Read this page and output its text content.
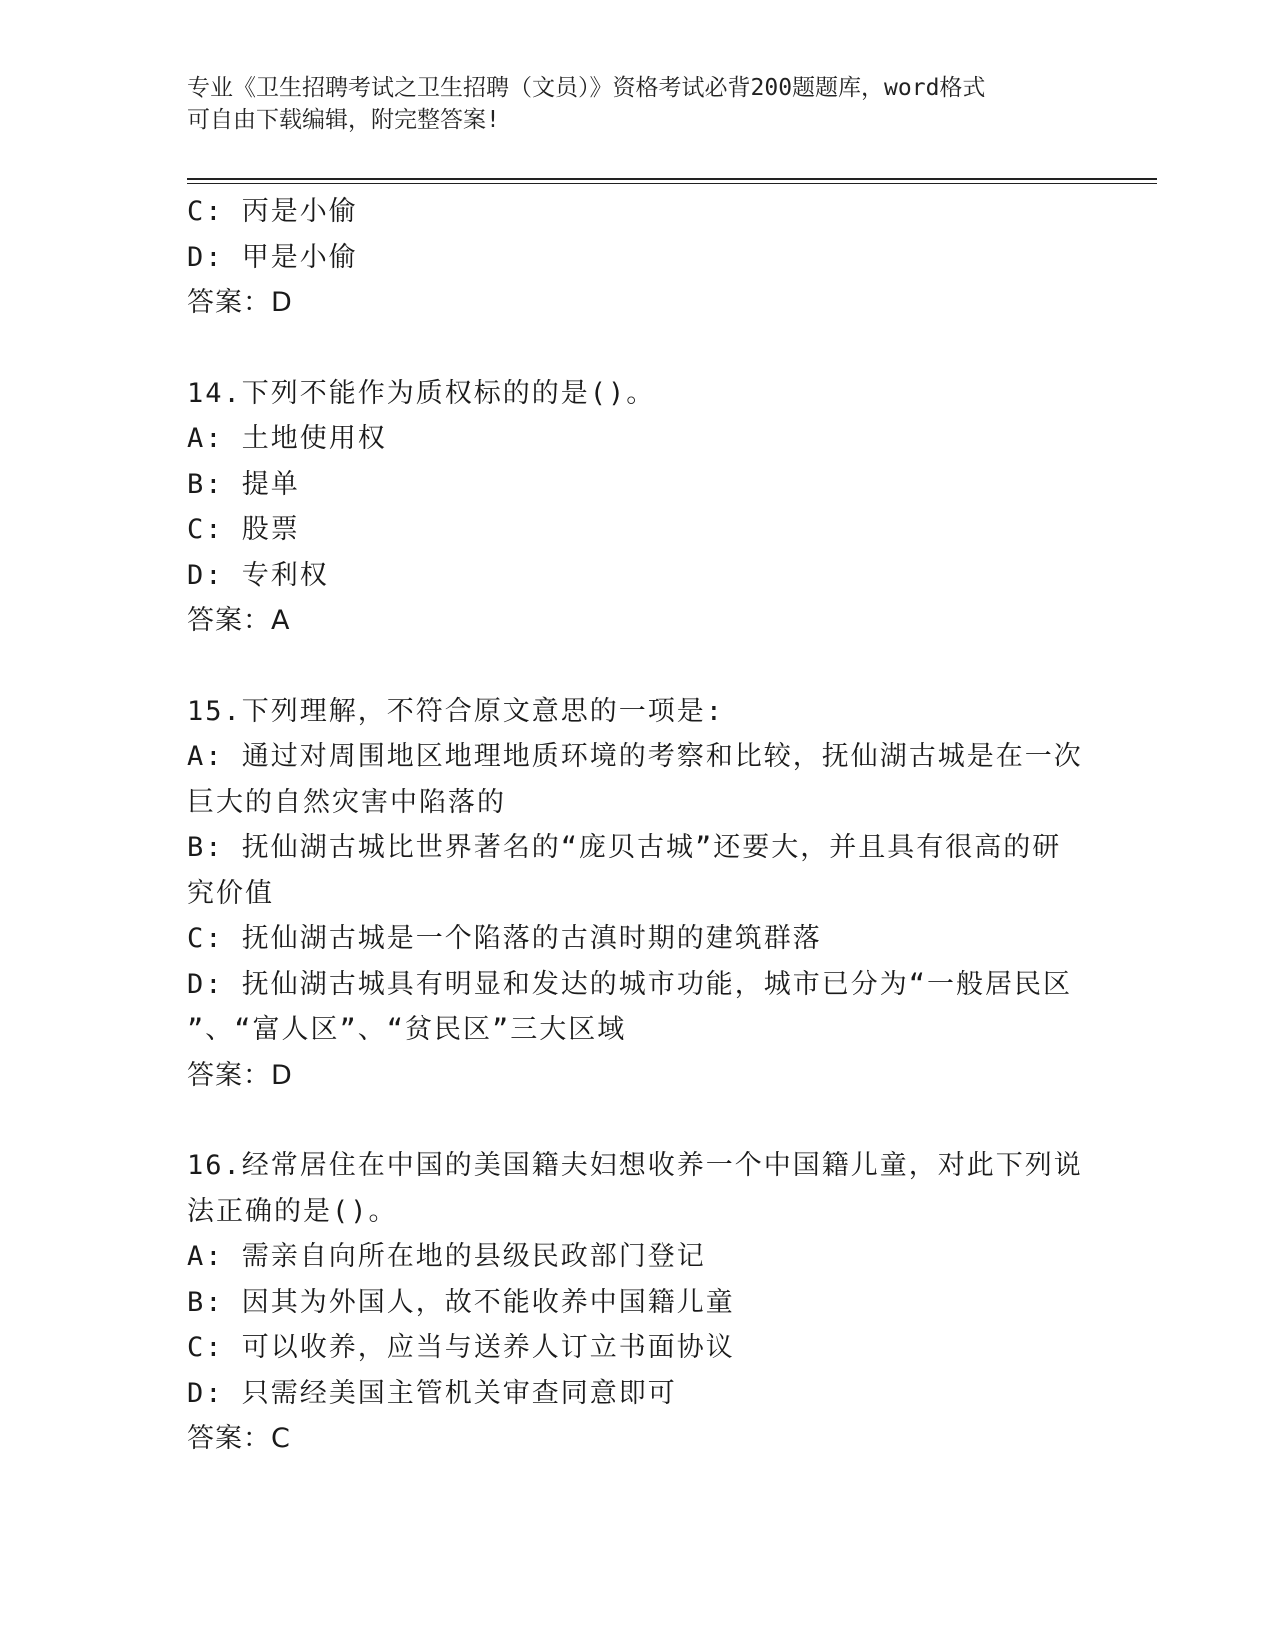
专业《卫生招聘考试之卫生招聘（文员）》资格考试必背200题题库，word格式
可自由下载编辑，附完整答案!
C: 丙是小偷
D: 甲是小偷
答案：D
14.下列不能作为质权标的的是()。
A: 土地使用权
B: 提单
C: 股票
D: 专利权
答案：A
15.下列理解，不符合原文意思的一项是:
A: 通过对周围地区地理地质环境的考察和比较，抚仙湖古城是在一次
巨大的自然灾害中陷落的
B: 抚仙湖古城比世界著名的“庞贝古城”还要大，并且具有很高的研
究价值
C: 抚仙湖古城是一个陷落的古滇时期的建筑群落
D: 抚仙湖古城具有明显和发达的城市功能，城市已分为“一般居民区
”、“富人区”、“贫民区”三大区域
答案：D
16.经常居住在中国的美国籍夫妇想收养一个中国籍儿童，对此下列说
法正确的是()。
A: 需亲自向所在地的县级民政部门登记
B: 因其为外国人，故不能收养中国籍儿童
C: 可以收养，应当与送养人订立书面协议
D: 只需经美国主管机关审查同意即可
答案：C
